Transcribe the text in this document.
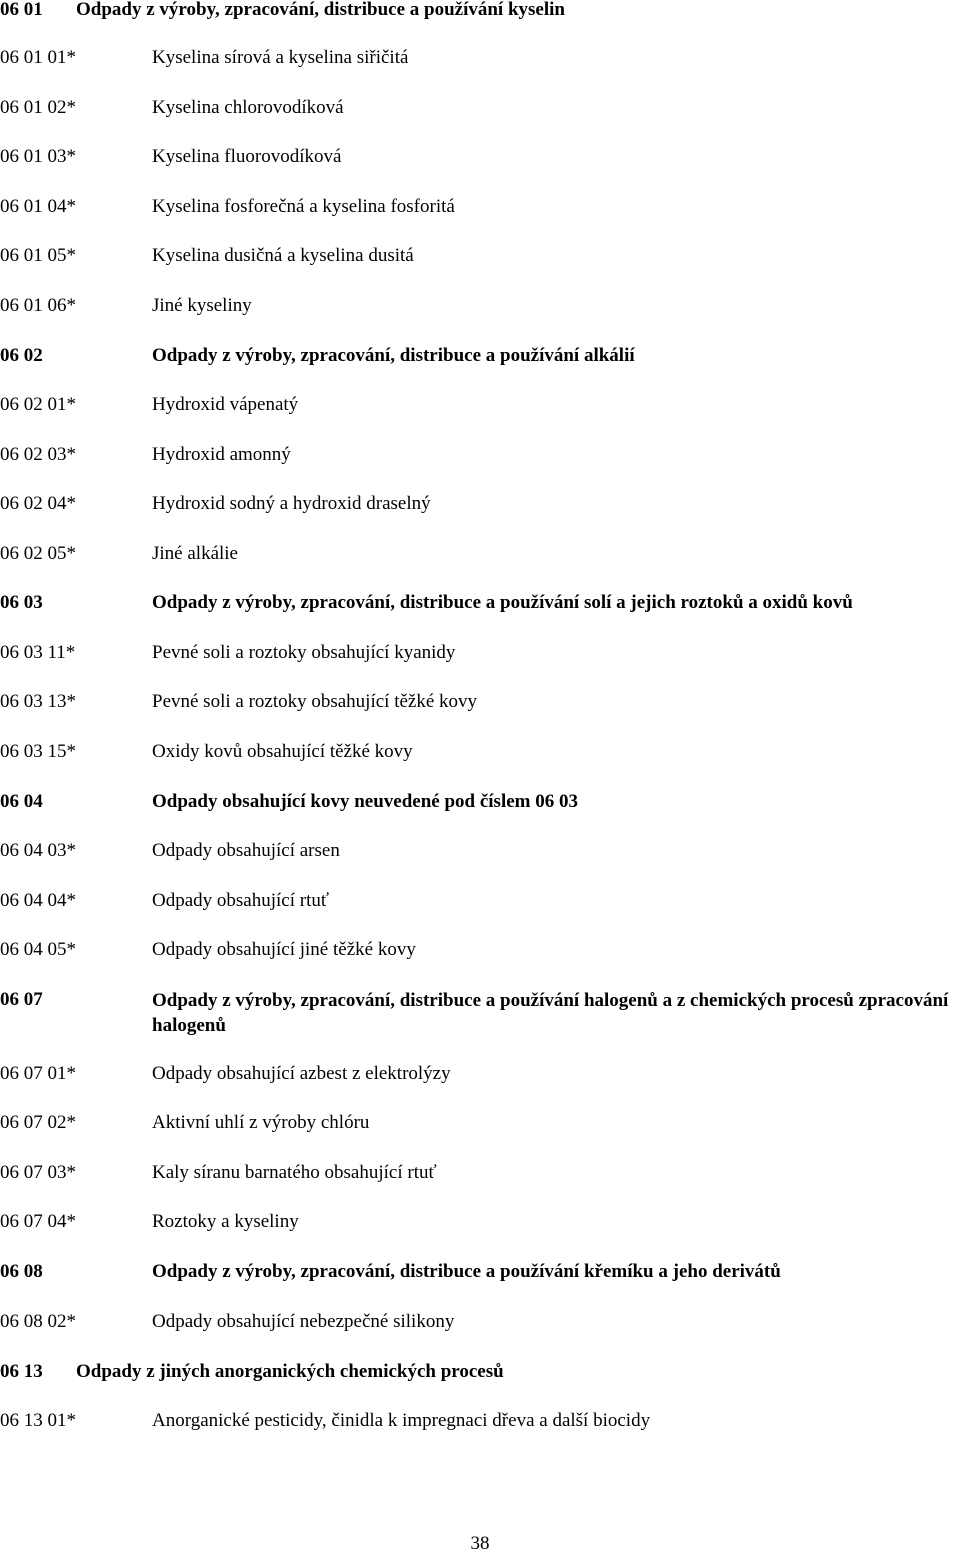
06 01 Odpady z výroby, zpracování, distribuce a používání kyselin
06 01 01*	Kyselina sírová a kyselina siřičitá
06 01 02*	Kyselina chlorovodíková
06 01 03*	Kyselina fluorovodíková
06 01 04*	Kyselina fosforečná a kyselina fosforitá
06 01 05*	Kyselina dusičná a kyselina dusitá
06 01 06*	Jiné kyseliny
06 02	Odpady z výroby, zpracování, distribuce a používání alkálií
06 02 01*	Hydroxid vápenatý
06 02 03*	Hydroxid amonný
06 02 04*	Hydroxid sodný a hydroxid draselný
06 02 05*	Jiné alkálie
06 03	Odpady z výroby, zpracování, distribuce a používání solí a jejich roztoků a oxidů kovů
06 03 11*	Pevné soli a roztoky obsahující kyanidy
06 03 13*	Pevné soli a roztoky obsahující těžké kovy
06 03 15*	Oxidy kovů obsahující těžké kovy
06 04	Odpady obsahující kovy neuvedené pod číslem 06 03
06 04 03*	Odpady obsahující arsen
06 04 04*	Odpady obsahující rtuť
06 04 05*	Odpady obsahující jiné těžké kovy
06 07	Odpady z výroby, zpracování, distribuce a používání halogenů a z chemických procesů zpracování halogenů
06 07 01*	Odpady obsahující azbest z elektrolýzy
06 07 02*	Aktivní uhlí z výroby chlóru
06 07 03*	Kaly síranu barnatého obsahující rtuť
06 07 04*	Roztoky a kyseliny
06 08	Odpady z výroby, zpracování, distribuce a používání křemíku a jeho derivátů
06 08 02*	Odpady obsahující nebezpečné silikony
06 13 Odpady z jiných anorganických chemických procesů
06 13 01*	Anorganické pesticidy, činidla k impregnaci dřeva a další biocidy
38
